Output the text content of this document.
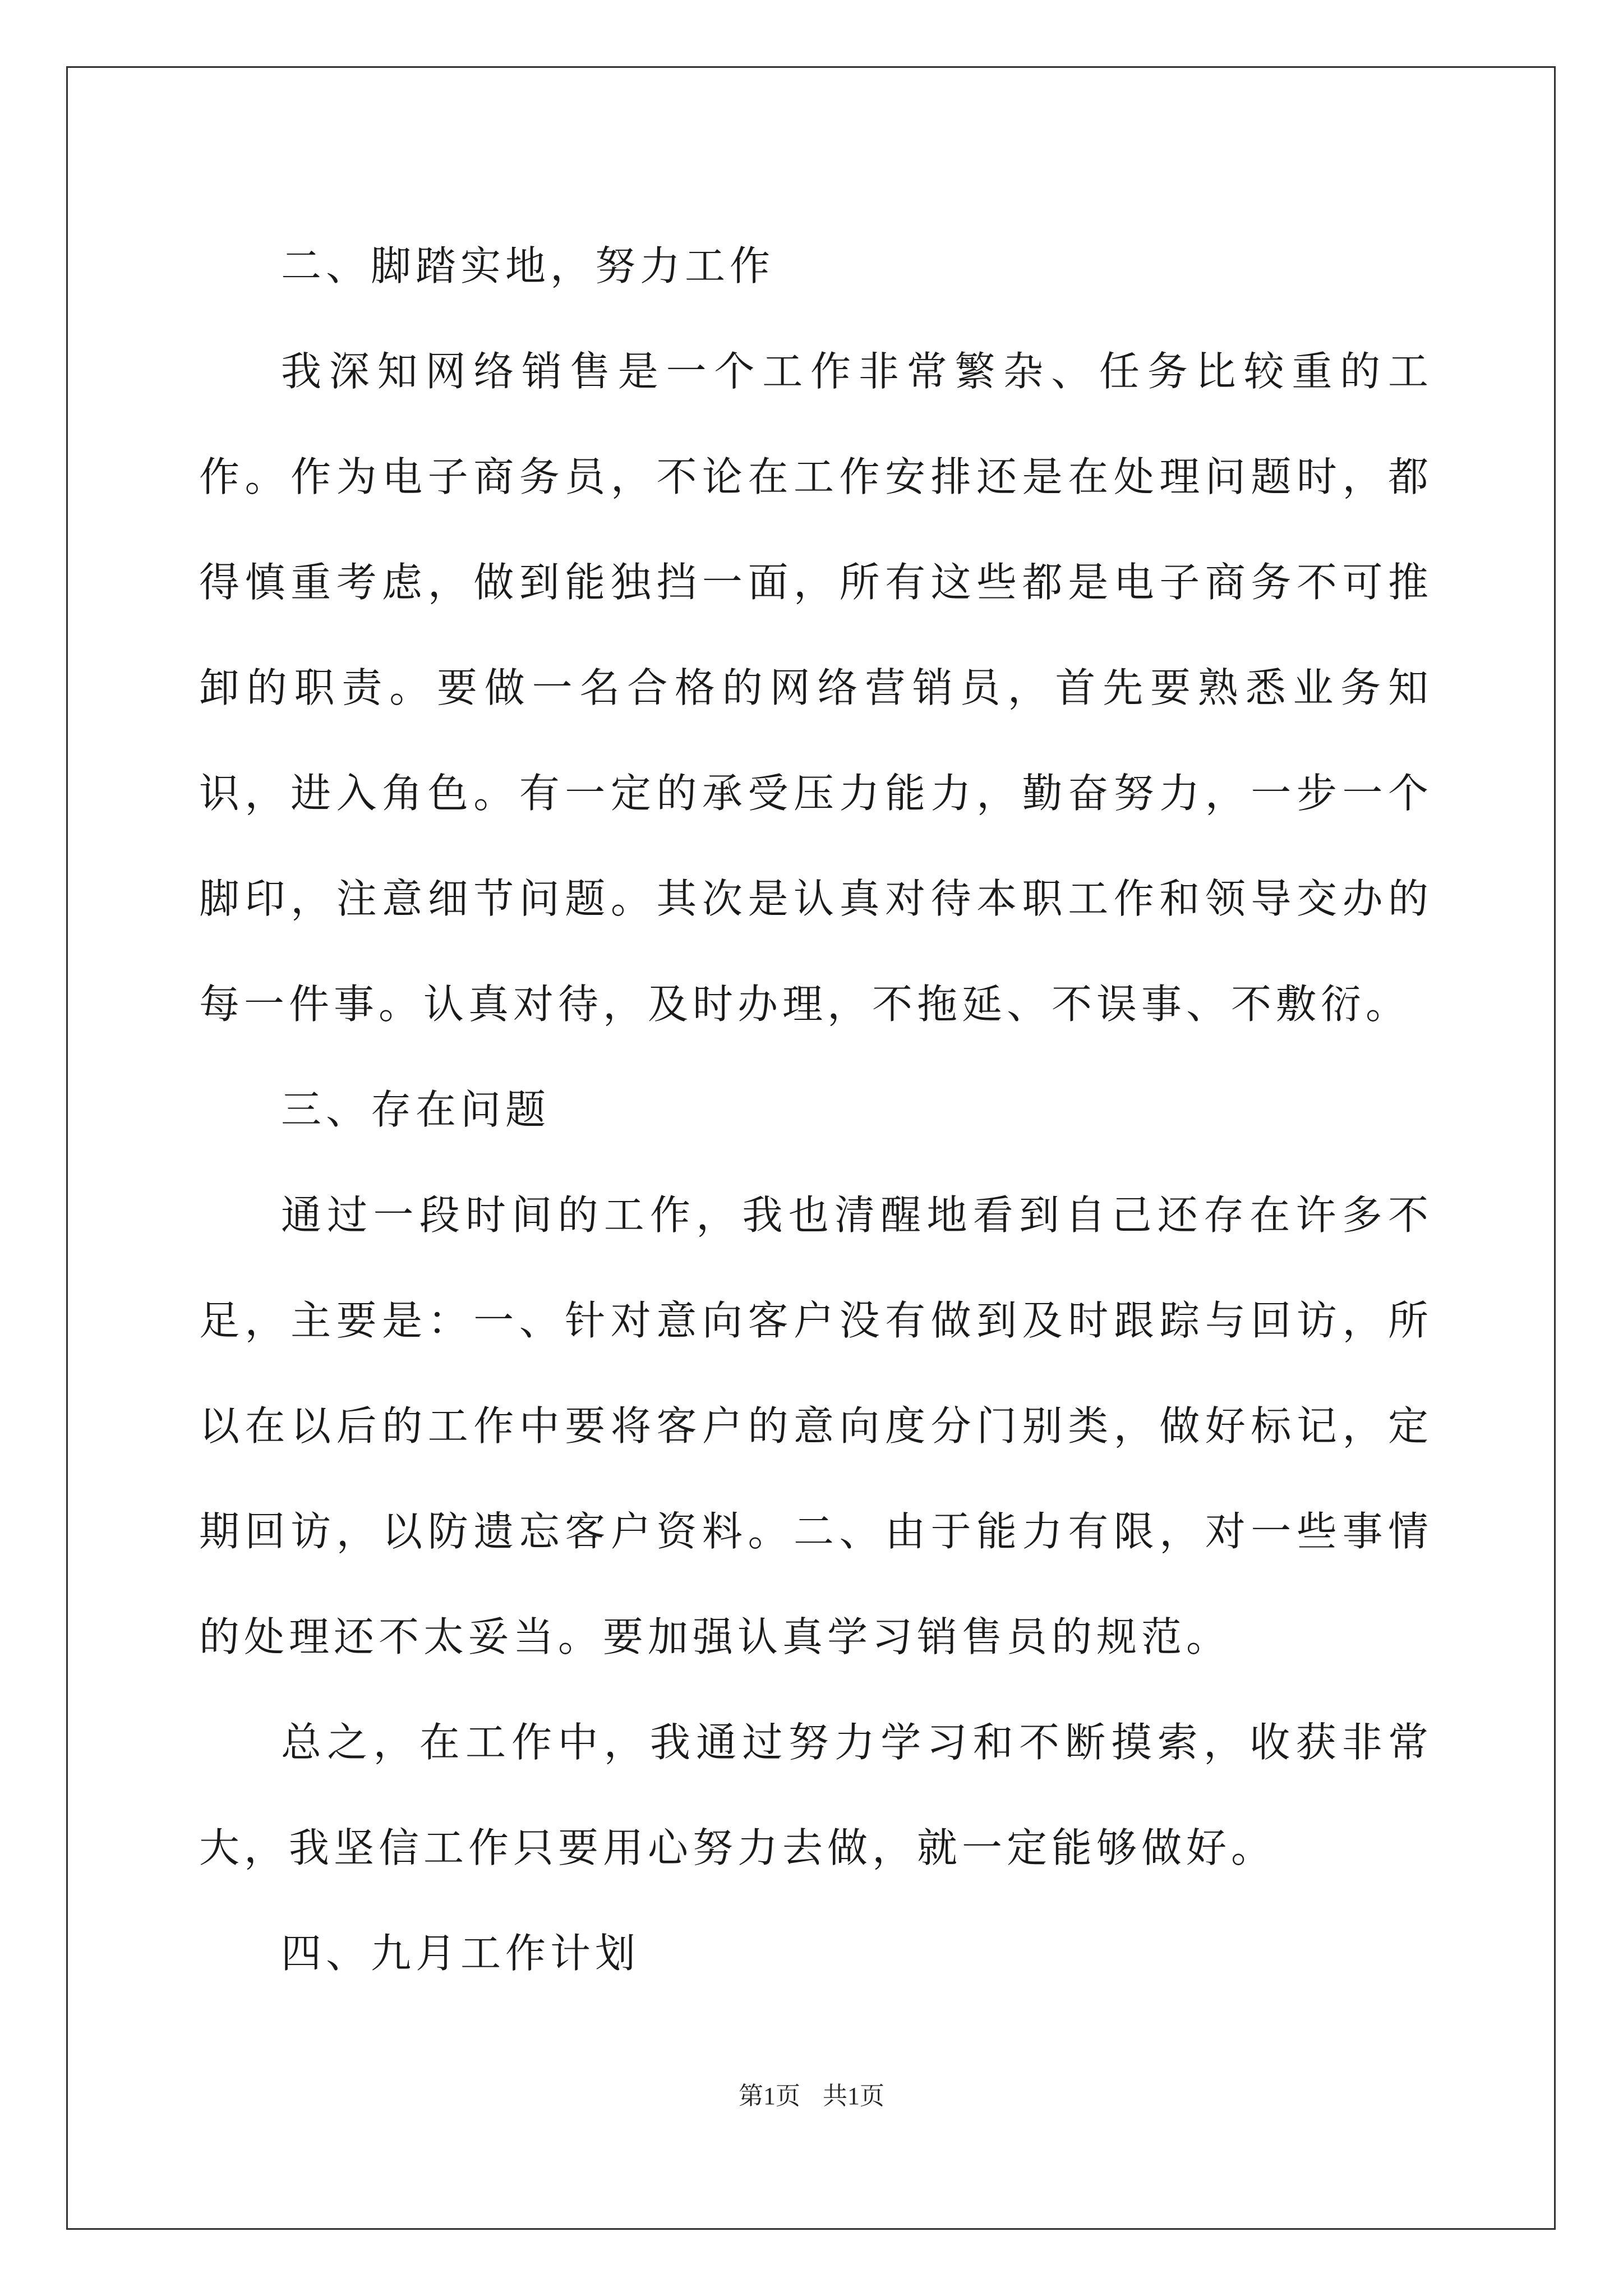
二、脚踏实地，努力工作

我深知网络销售是一个工作非常繁杂、任务比较重的工作。作为电子商务员，不论在工作安排还是在处理问题时，都得慎重考虑，做到能独挡一面，所有这些都是电子商务不可推卸的职责。要做一名合格的网络营销员，首先要熟悉业务知识，进入角色。有一定的承受压力能力，勤奋努力，一步一个脚印，注意细节问题。其次是认真对待本职工作和领导交办的每一件事。认真对待，及时办理，不拖延、不误事、不敷衍。

三、存在问题

通过一段时间的工作，我也清醒地看到自己还存在许多不足，主要是：一、针对意向客户没有做到及时跟踪与回访，所以在以后的工作中要将客户的意向度分门别类，做好标记，定期回访，以防遗忘客户资料。二、由于能力有限，对一些事情的处理还不太妥当。要加强认真学习销售员的规范。

总之，在工作中，我通过努力学习和不断摸索，收获非常大，我坚信工作只要用心努力去做，就一定能够做好。

四、九月工作计划

第1页 共1页
